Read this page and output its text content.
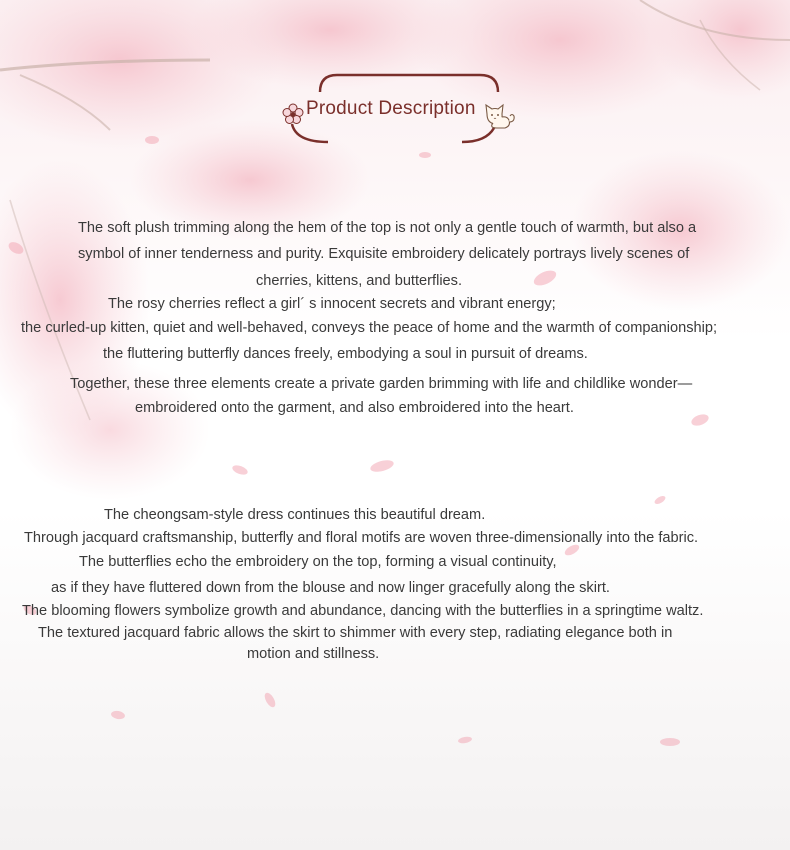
Product Description
The soft plush trimming along the hem of the top is not only a gentle touch of warmth, but also a
symbol of inner tenderness and purity. Exquisite embroidery delicately portrays lively scenes of
cherries, kittens, and butterflies.
The rosy cherries reflect a girl´ s innocent secrets and vibrant energy;
the curled-up kitten, quiet and well-behaved, conveys the peace of home and the warmth of companionship;
the fluttering butterfly dances freely, embodying a soul in pursuit of dreams.
Together, these three elements create a private garden brimming with life and childlike wonder—
embroidered onto the garment, and also embroidered into the heart.
The cheongsam-style dress continues this beautiful dream.
Through jacquard craftsmanship, butterfly and floral motifs are woven three-dimensionally into the fabric.
The butterflies echo the embroidery on the top, forming a visual continuity,
as if they have fluttered down from the blouse and now linger gracefully along the skirt.
The blooming flowers symbolize growth and abundance, dancing with the butterflies in a springtime waltz.
The textured jacquard fabric allows the skirt to shimmer with every step, radiating elegance both in
motion and stillness.
